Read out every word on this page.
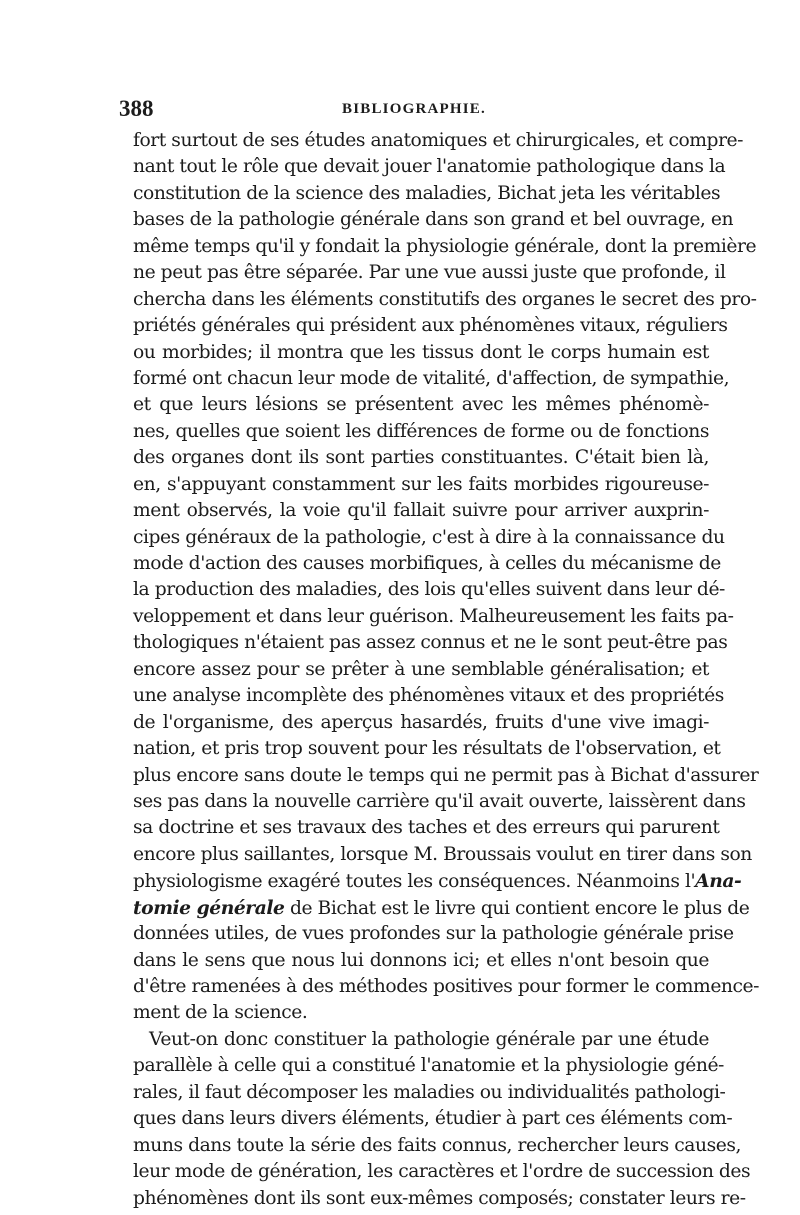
388	BIBLIOGRAPHIE.
fort surtout de ses études anatomiques et chirurgicales, et compre-
nant tout le rôle que devait jouer l'anatomie pathologique dans la
constitution de la science des maladies, Bichat jeta les véritables
bases de la pathologie générale dans son grand et bel ouvrage, en
même temps qu'il y fondait la physiologie générale, dont la première
ne peut pas être séparée. Par une vue aussi juste que profonde, il
chercha dans les éléments constitutifs des organes le secret des pro-
priétés générales qui président aux phénomènes vitaux, réguliers
ou morbides; il montra que les tissus dont le corps humain est
formé ont chacun leur mode de vitalité, d'affection, de sympathie,
et que leurs lésions se présentent avec les mêmes phénomè-
nes, quelles que soient les différences de forme ou de fonctions
des organes dont ils sont parties constituantes. C'était bien là,
en, s'appuyant constamment sur les faits morbides rigoureuse-
ment observés, la voie qu'il fallait suivre pour arriver auxprin-
cipes généraux de la pathologie, c'est à dire à la connaissance du
mode d'action des causes morbifiques, à celles du mécanisme de
la production des maladies, des lois qu'elles suivent dans leur dé-
veloppement et dans leur guérison. Malheureusement les faits pa-
thologiques n'étaient pas assez connus et ne le sont peut-être pas
encore assez pour se prêter à une semblable généralisation; et
une analyse incomplète des phénomènes vitaux et des propriétés
de l'organisme, des aperçus hasardés, fruits d'une vive imagi-
nation, et pris trop souvent pour les résultats de l'observation, et
plus encore sans doute le temps qui ne permit pas à Bichat d'assurer
ses pas dans la nouvelle carrière qu'il avait ouverte, laissèrent dans
sa doctrine et ses travaux des taches et des erreurs qui parurent
encore plus saillantes, lorsque M. Broussais voulut en tirer dans son
physiologisme exagéré toutes les conséquences. Néanmoins l'Ana-
tomie générale de Bichat est le livre qui contient encore le plus de
données utiles, de vues profondes sur la pathologie générale prise
dans le sens que nous lui donnons ici; et elles n'ont besoin que
d'être ramenées à des méthodes positives pour former le commence-
ment de la science.
Veut-on donc constituer la pathologie générale par une étude
parallèle à celle qui a constitué l'anatomie et la physiologie géné-
rales, il faut décomposer les maladies ou individualités pathologi-
ques dans leurs divers éléments, étudier à part ces éléments com-
muns dans toute la série des faits connus, rechercher leurs causes,
leur mode de génération, les caractères et l'ordre de succession des
phénomènes dont ils sont eux-mêmes composés; constater leurs re-
